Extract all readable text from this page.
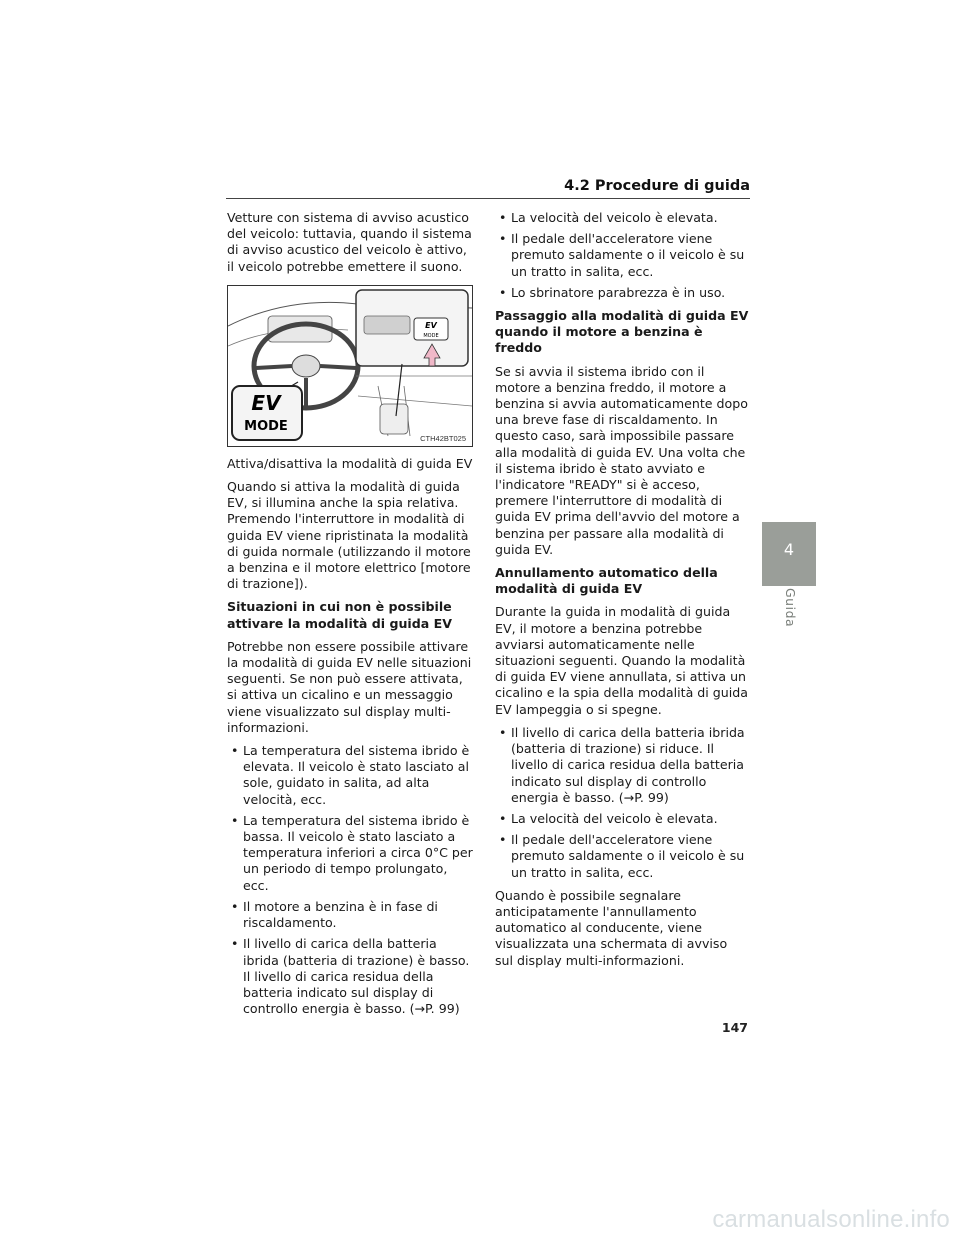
4.2 Procedure di guida

Vetture con sistema di avviso acustico del veicolo: tuttavia, quando il sistema di avviso acustico del veicolo è attivo, il veicolo potrebbe emettere il suono.

EV
MODE
EV
MODE
CTH42BT025

Attiva/disattiva la modalità di guida EV

Quando si attiva la modalità di guida EV, si illumina anche la spia relativa. Premendo l'interruttore in modalità di guida EV viene ripristinata la modalità di guida normale (utilizzando il motore a benzina e il motore elettrico [motore di trazione]).

Situazioni in cui non è possibile attivare la modalità di guida EV

Potrebbe non essere possibile attivare la modalità di guida EV nelle situazioni seguenti. Se non può essere attivata, si attiva un cicalino e un messaggio viene visualizzato sul display multi-informazioni.

• La temperatura del sistema ibrido è elevata. Il veicolo è stato lasciato al sole, guidato in salita, ad alta velocità, ecc.
• La temperatura del sistema ibrido è bassa. Il veicolo è stato lasciato a temperatura inferiori a circa 0°C per un periodo di tempo prolungato, ecc.
• Il motore a benzina è in fase di riscaldamento.
• Il livello di carica della batteria ibrida (batteria di trazione) è basso. Il livello di carica residua della batteria indicato sul display di controllo energia è basso. (→P. 99)
• La velocità del veicolo è elevata.
• Il pedale dell'acceleratore viene premuto saldamente o il veicolo è su un tratto in salita, ecc.
• Lo sbrinatore parabrezza è in uso.

Passaggio alla modalità di guida EV quando il motore a benzina è freddo

Se si avvia il sistema ibrido con il motore a benzina freddo, il motore a benzina si avvia automaticamente dopo una breve fase di riscaldamento. In questo caso, sarà impossibile passare alla modalità di guida EV. Una volta che il sistema ibrido è stato avviato e l'indicatore "READY" si è acceso, premere l'interruttore di modalità di guida EV prima dell'avvio del motore a benzina per passare alla modalità di guida EV.

Annullamento automatico della modalità di guida EV

Durante la guida in modalità di guida EV, il motore a benzina potrebbe avviarsi automaticamente nelle situazioni seguenti. Quando la modalità di guida EV viene annullata, si attiva un cicalino e la spia della modalità di guida EV lampeggia o si spegne.

• Il livello di carica della batteria ibrida (batteria di trazione) si riduce. Il livello di carica residua della batteria indicato sul display di controllo energia è basso. (→P. 99)
• La velocità del veicolo è elevata.
• Il pedale dell'acceleratore viene premuto saldamente o il veicolo è su un tratto in salita, ecc.

Quando è possibile segnalare anticipatamente l'annullamento automatico al conducente, viene visualizzata una schermata di avviso sul display multi-informazioni.

4
Guida
147
carmanualsonline.info
